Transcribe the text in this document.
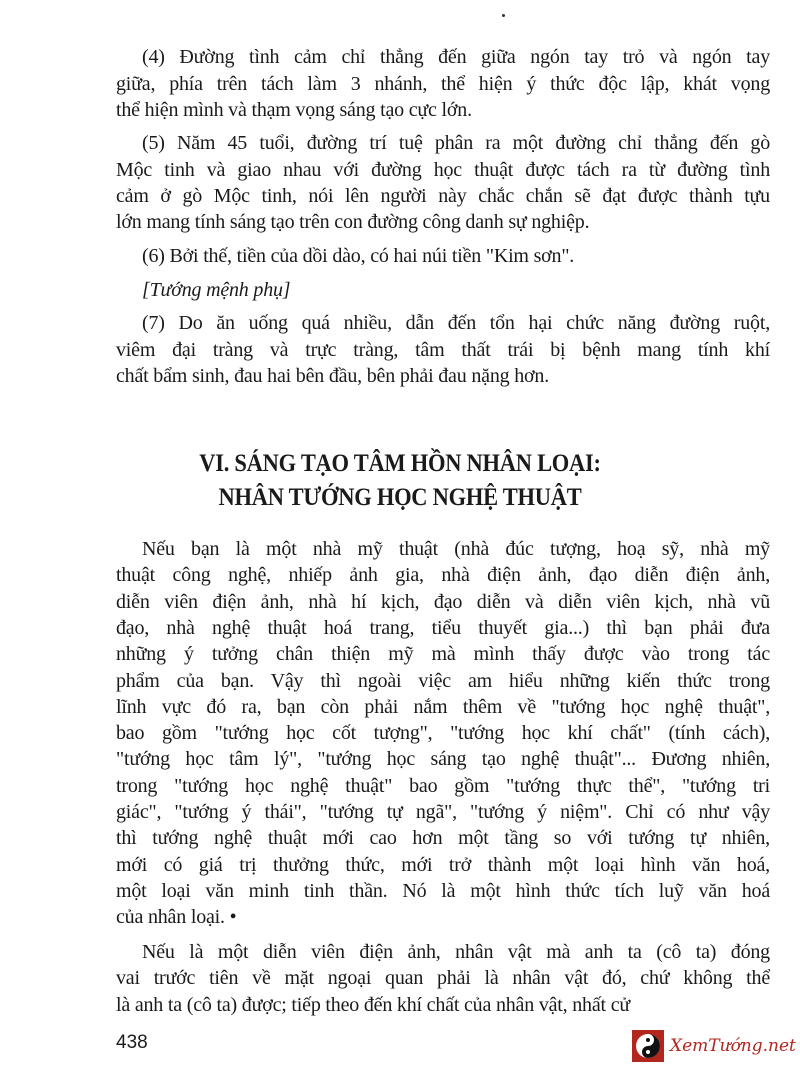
(4) Đường tình cảm chỉ thẳng đến giữa ngón tay trỏ và ngón tay
giữa, phía trên tách làm 3 nhánh, thể hiện ý thức độc lập, khát vọng
thể hiện mình và thạm vọng sáng tạo cực lớn.
(5) Năm 45 tuổi, đường trí tuệ phân ra một đường chỉ thẳng đến gò
Mộc tinh và giao nhau với đường học thuật được tách ra từ đường tình
cảm ở gò Mộc tinh, nói lên người này chắc chắn sẽ đạt được thành tựu
lớn mang tính sáng tạo trên con đường công danh sự nghiệp.
(6) Bởi thế, tiền của dồi dào, có hai núi tiền "Kim sơn".
[Tướng mệnh phụ]
(7) Do ăn uống quá nhiều, dẫn đến tổn hại chức năng đường ruột,
viêm đại tràng và trực tràng, tâm thất trái bị bệnh mang tính khí
chất bẩm sinh, đau hai bên đầu, bên phải đau nặng hơn.
VI. SÁNG TẠO TÂM HỒN NHÂN LOẠI:
NHÂN TƯỚNG HỌC NGHỆ THUẬT
Nếu bạn là một nhà mỹ thuật (nhà đúc tượng, hoạ sỹ, nhà mỹ
thuật công nghệ, nhiếp ảnh gia, nhà điện ảnh, đạo diễn điện ảnh,
diễn viên điện ảnh, nhà hí kịch, đạo diễn và diễn viên kịch, nhà vũ
đạo, nhà nghệ thuật hoá trang, tiểu thuyết gia...) thì bạn phải đưa
những ý tưởng chân thiện mỹ mà mình thấy được vào trong tác
phẩm của bạn. Vậy thì ngoài việc am hiểu những kiến thức trong
lĩnh vực đó ra, bạn còn phải nắm thêm về "tướng học nghệ thuật",
bao gồm "tướng học cốt tượng", "tướng học khí chất" (tính cách),
"tướng học tâm lý", "tướng học sáng tạo nghệ thuật"... Đương nhiên,
trong "tướng học nghệ thuật" bao gồm "tướng thực thể", "tướng tri
giác", "tướng ý thái", "tướng tự ngã", "tướng ý niệm". Chỉ có như vậy
thì tướng nghệ thuật mới cao hơn một tầng so với tướng tự nhiên,
mới có giá trị thưởng thức, mới trở thành một loại hình văn hoá,
một loại văn minh tinh thần. Nó là một hình thức tích luỹ văn hoá
của nhân loại. •
Nếu là một diễn viên điện ảnh, nhân vật mà anh ta (cô ta) đóng
vai trước tiên về mặt ngoại quan phải là nhân vật đó, chứ không thể
là anh ta (cô ta) được; tiếp theo đến khí chất của nhân vật, nhất cử
438	XemTướng.net
